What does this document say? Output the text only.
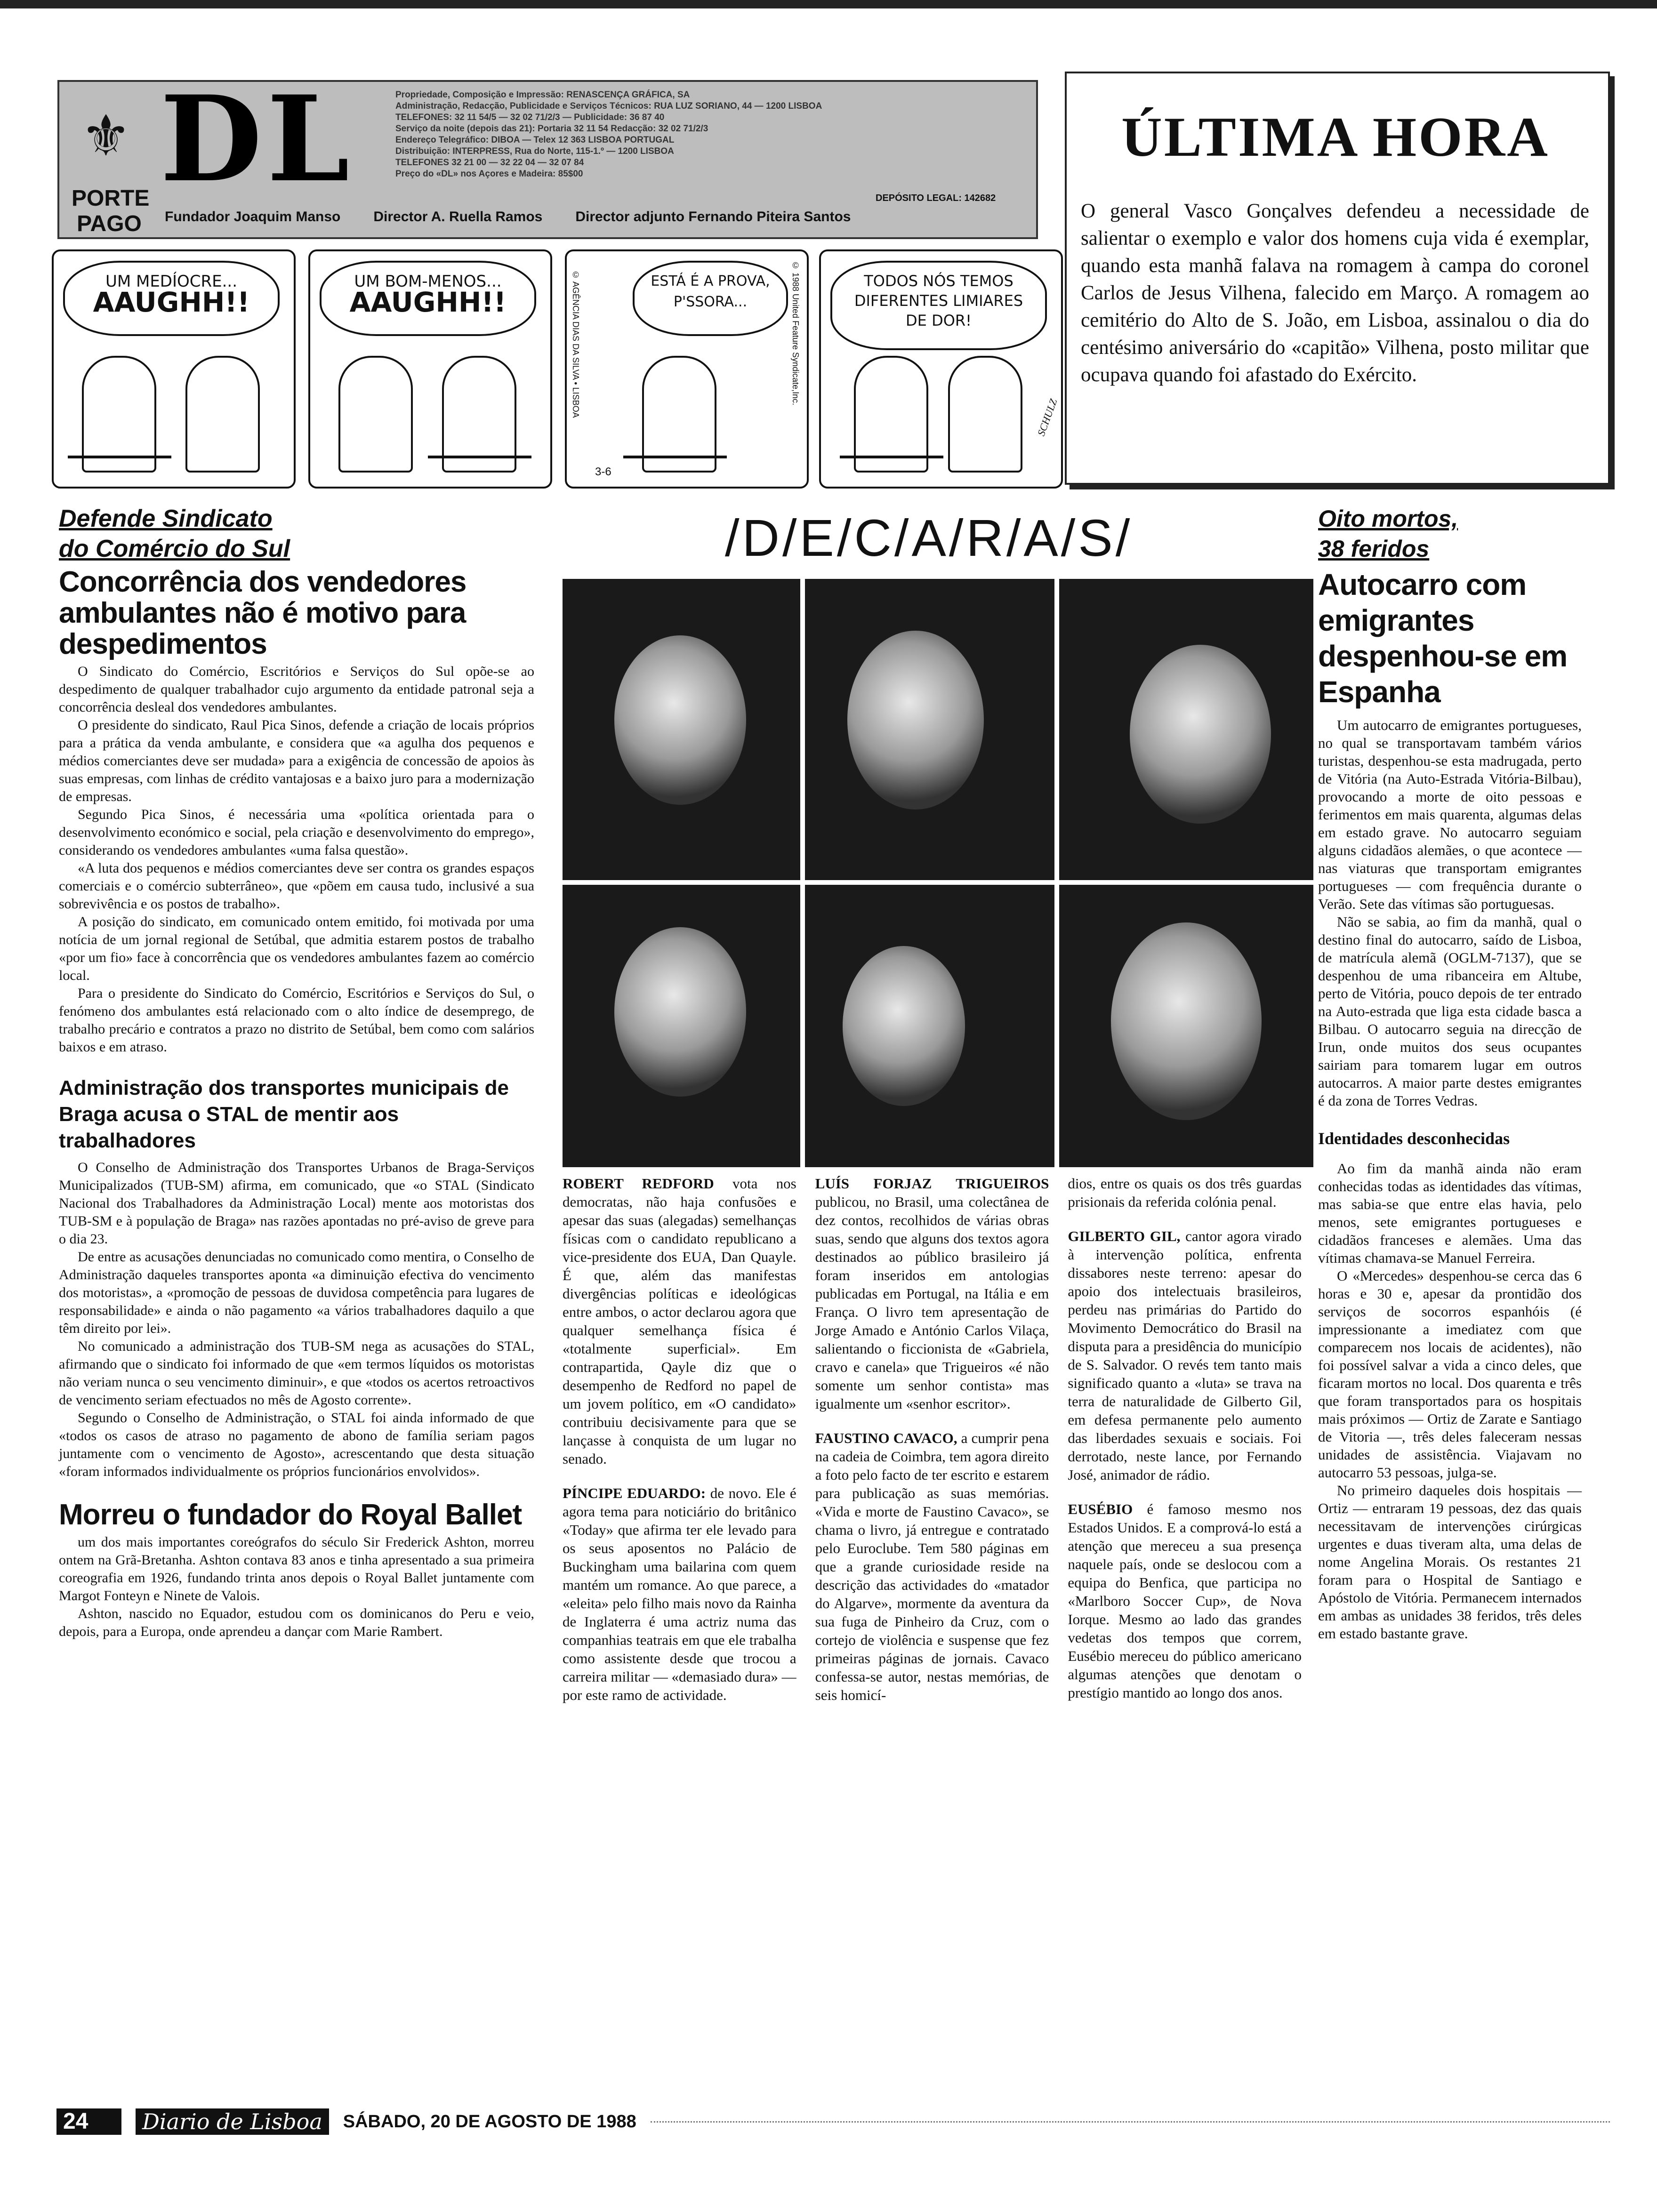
⚜
PORTE
PAGO
DL	Propriedade, Composição e Impressão: RENASCENÇA GRÁFICA, SA
Administração, Redacção, Publicidade e Serviços Técnicos: RUA LUZ SORIANO, 44 — 1200 LISBOA
TELEFONES: 32 11 54/5 — 32 02 71/2/3 — Publicidade: 36 87 40
Serviço da noite (depois das 21): Portaria 32 11 54 Redacção: 32 02 71/2/3
Endereço Telegráfico: DIBOA — Telex 12 363 LISBOA PORTUGAL
Distribuição: INTERPRESS, Rua do Norte, 115-1.º — 1200 LISBOA
TELEFONES 32 21 00 — 32 22 04 — 32 07 84
Preço do «DL» nos Açores e Madeira: 85$00
DEPÓSITO LEGAL: 142682
Fundador Joaquim Manso Director A. Ruella Ramos Director adjunto Fernando Piteira Santos
ÚLTIMA HORA
O general Vasco Gonçalves defendeu a necessidade de salientar o exemplo e valor dos homens cuja vida é exemplar, quando esta manhã falava na romagem à campa do coronel Carlos de Jesus Vilhena, falecido em Março. A romagem ao cemitério do Alto de S. João, em Lisboa, assinalou o dia do centésimo aniversário do «capitão» Vilhena, posto militar que ocupava quando foi afastado do Exército.
UM MEDÍOCRE...
AAUGHH!!
UM BOM-MENOS...
AAUGHH!!
ESTÁ É A PROVA,
P'SSORA...
© AGÊNCIA DIAS DA SILVA • LISBOA	© 1988 United Feature Syndicate,Inc.
3-6
TODOS NÓS TEMOS DIFERENTES LIMIARES
DE DOR!
SCHULZ
Defende Sindicato
do Comércio do Sul
Concorrência dos vendedores ambulantes não é motivo para despedimentos

O Sindicato do Comércio, Escritórios e Serviços do Sul opõe-se ao despedimento de qualquer trabalhador cujo argumento da entidade patronal seja a concorrência desleal dos vendedores ambulantes.

O presidente do sindicato, Raul Pica Sinos, defende a criação de locais próprios para a prática da venda ambulante, e considera que «a agulha dos pequenos e médios comerciantes deve ser mudada» para a exigência de concessão de apoios às suas empresas, com linhas de crédito vantajosas e a baixo juro para a modernização de empresas.

Segundo Pica Sinos, é necessária uma «política orientada para o desenvolvimento económico e social, pela criação e desenvolvimento do emprego», considerando os vendedores ambulantes «uma falsa questão».

«A luta dos pequenos e médios comerciantes deve ser contra os grandes espaços comerciais e o comércio subterrâneo», que «põem em causa tudo, inclusivé a sua sobrevivência e os postos de trabalho».

A posição do sindicato, em comunicado ontem emitido, foi motivada por uma notícia de um jornal regional de Setúbal, que admitia estarem postos de trabalho «por um fio» face à concorrência que os vendedores ambulantes fazem ao comércio local.

Para o presidente do Sindicato do Comércio, Escritórios e Serviços do Sul, o fenómeno dos ambulantes está relacionado com o alto índice de desemprego, de trabalho precário e contratos a prazo no distrito de Setúbal, bem como com salários baixos e em atraso.

Administração dos transportes municipais de Braga acusa o STAL de mentir aos trabalhadores

O Conselho de Administração dos Transportes Urbanos de Braga-Serviços Municipalizados (TUB-SM) afirma, em comunicado, que «o STAL (Sindicato Nacional dos Trabalhadores da Administração Local) mente aos motoristas dos TUB-SM e à população de Braga» nas razões apontadas no pré-aviso de greve para o dia 23.

De entre as acusações denunciadas no comunicado como mentira, o Conselho de Administração daqueles transportes aponta «a diminuição efectiva do vencimento dos motoristas», a «promoção de pessoas de duvidosa competência para lugares de responsabilidade» e ainda o não pagamento «a vários trabalhadores daquilo a que têm direito por lei».

No comunicado a administração dos TUB-SM nega as acusações do STAL, afirmando que o sindicato foi informado de que «em termos líquidos os motoristas não veriam nunca o seu vencimento diminuir», e que «todos os acertos retroactivos de vencimento seriam efectuados no mês de Agosto corrente».

Segundo o Conselho de Administração, o STAL foi ainda informado de que «todos os casos de atraso no pagamento de abono de família seriam pagos juntamente com o vencimento de Agosto», acrescentando que desta situação «foram informados individualmente os próprios funcionários envolvidos».

Morreu o fundador do Royal Ballet

um dos mais importantes coreógrafos do século Sir Frederick Ashton, morreu ontem na Grã-Bretanha. Ashton contava 83 anos e tinha apresentado a sua primeira coreografia em 1926, fundando trinta anos depois o Royal Ballet juntamente com Margot Fonteyn e Ninete de Valois.

Ashton, nascido no Equador, estudou com os dominicanos do Peru e veio, depois, para a Europa, onde aprendeu a dançar com Marie Rambert.

/D/E/C/A/R/A/S/

ROBERT REDFORD vota nos democratas, não haja confusões e apesar das suas (alegadas) semelhanças físicas com o candidato republicano a vice-presidente dos EUA, Dan Quayle. É que, além das manifestas divergências políticas e ideológicas entre ambos, o actor declarou agora que qualquer semelhança física é «totalmente superficial». Em contrapartida, Qayle diz que o desempenho de Redford no papel de um jovem político, em «O candidato» contribuiu decisivamente para que se lançasse à conquista de um lugar no senado.

PÍNCIPE EDUARDO: de novo. Ele é agora tema para noticiário do britânico «Today» que afirma ter ele levado para os seus aposentos no Palácio de Buckingham uma bailarina com quem mantém um romance. Ao que parece, a «eleita» pelo filho mais novo da Rainha de Inglaterra é uma actriz numa das companhias teatrais em que ele trabalha como assistente desde que trocou a carreira militar — «demasiado dura» — por este ramo de actividade.

LUÍS FORJAZ TRIGUEIROS publicou, no Brasil, uma colectânea de dez contos, recolhidos de várias obras suas, sendo que alguns dos textos agora destinados ao público brasileiro já foram inseridos em antologias publicadas em Portugal, na Itália e em França. O livro tem apresentação de Jorge Amado e António Carlos Vilaça, salientando o ficcionista de «Gabriela, cravo e canela» que Trigueiros «é não somente um senhor contista» mas igualmente um «senhor escritor».

FAUSTINO CAVACO, a cumprir pena na cadeia de Coimbra, tem agora direito a foto pelo facto de ter escrito e estarem para publicação as suas memórias. «Vida e morte de Faustino Cavaco», se chama o livro, já entregue e contratado pelo Euroclube. Tem 580 páginas em que a grande curiosidade reside na descrição das actividades do «matador do Algarve», mormente da aventura da sua fuga de Pinheiro da Cruz, com o cortejo de violência e suspense que fez primeiras páginas de jornais. Cavaco confessa-se autor, nestas memórias, de seis homicí-

dios, entre os quais os dos três guardas prisionais da referida colónia penal.

GILBERTO GIL, cantor agora virado à intervenção política, enfrenta dissabores neste terreno: apesar do apoio dos intelectuais brasileiros, perdeu nas primárias do Partido do Movimento Democrático do Brasil na disputa para a presidência do município de S. Salvador. O revés tem tanto mais significado quanto a «luta» se trava na terra de naturalidade de Gilberto Gil, em defesa permanente pelo aumento das liberdades sexuais e sociais. Foi derrotado, neste lance, por Fernando José, animador de rádio.

EUSÉBIO é famoso mesmo nos Estados Unidos. E a comprová-lo está a atenção que mereceu a sua presença naquele país, onde se deslocou com a equipa do Benfica, que participa no «Marlboro Soccer Cup», de Nova Iorque. Mesmo ao lado das grandes vedetas dos tempos que correm, Eusébio mereceu do público americano algumas atenções que denotam o prestígio mantido ao longo dos anos.

Oito mortos,
38 feridos
Autocarro com emigrantes despenhou-se em Espanha

Um autocarro de emigrantes portugueses, no qual se transportavam também vários turistas, despenhou-se esta madrugada, perto de Vitória (na Auto-Estrada Vitória-Bilbau), provocando a morte de oito pessoas e ferimentos em mais quarenta, algumas delas em estado grave. No autocarro seguiam alguns cidadãos alemães, o que acontece — nas viaturas que transportam emigrantes portugueses — com frequência durante o Verão. Sete das vítimas são portuguesas.

Não se sabia, ao fim da manhã, qual o destino final do autocarro, saído de Lisboa, de matrícula alemã (OGLM-7137), que se despenhou de uma ribanceira em Altube, perto de Vitória, pouco depois de ter entrado na Auto-estrada que liga esta cidade basca a Bilbau. O autocarro seguia na direcção de Irun, onde muitos dos seus ocupantes sairiam para tomarem lugar em outros autocarros. A maior parte destes emigrantes é da zona de Torres Vedras.

Identidades desconhecidas

Ao fim da manhã ainda não eram conhecidas todas as identidades das vítimas, mas sabia-se que entre elas havia, pelo menos, sete emigrantes portugueses e cidadãos franceses e alemães. Uma das vítimas chamava-se Manuel Ferreira.

O «Mercedes» despenhou-se cerca das 6 horas e 30 e, apesar da prontidão dos serviços de socorros espanhóis (é impressionante a imediatez com que comparecem nos locais de acidentes), não foi possível salvar a vida a cinco deles, que ficaram mortos no local. Dos quarenta e três que foram transportados para os hospitais mais próximos — Ortiz de Zarate e Santiago de Vitoria —, três deles faleceram nessas unidades de assistência. Viajavam no autocarro 53 pessoas, julga-se.

No primeiro daqueles dois hospitais — Ortiz — entraram 19 pessoas, dez das quais necessitavam de intervenções cirúrgicas urgentes e duas tiveram alta, uma delas de nome Angelina Morais. Os restantes 21 foram para o Hospital de Santiago e Apóstolo de Vitória. Permanecem internados em ambas as unidades 38 feridos, três deles em estado bastante grave.

24	Diario de Lisboa	SÁBADO, 20 DE AGOSTO DE 1988
